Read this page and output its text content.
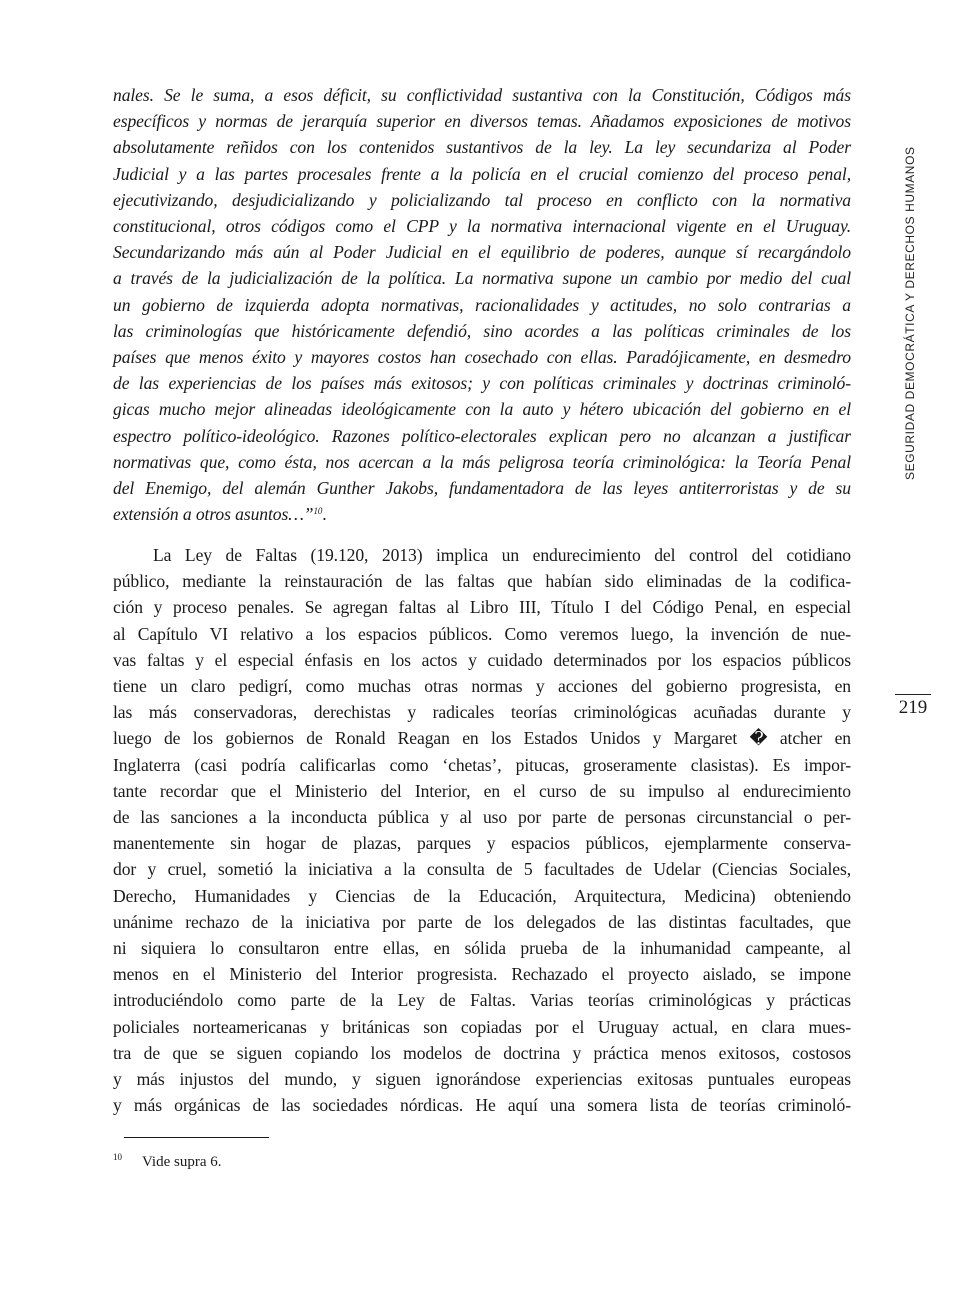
nales. Se le suma, a esos déficit, su conflictividad sustantiva con la Constitución, Códigos más
específicos y normas de jerarquía superior en diversos temas. Añadamos exposiciones de motivos
absolutamente reñidos con los contenidos sustantivos de la ley. La ley secundariza al Poder
Judicial y a las partes procesales frente a la policía en el crucial comienzo del proceso penal,
ejecutivizando, desjudicializando y policializando tal proceso en conflicto con la normativa
constitucional, otros códigos como el CPP y la normativa internacional vigente en el Uruguay.
Secundarizando más aún al Poder Judicial en el equilibrio de poderes, aunque sí recargándolo
a través de la judicialización de la política. La normativa supone un cambio por medio del cual
un gobierno de izquierda adopta normativas, racionalidades y actitudes, no solo contrarias a
las criminologías que históricamente defendió, sino acordes a las políticas criminales de los
países que menos éxito y mayores costos han cosechado con ellas. Paradójicamente, en desmedro
de las experiencias de los países más exitosos; y con políticas criminales y doctrinas criminoló-
gicas mucho mejor alineadas ideológicamente con la auto y hétero ubicación del gobierno en el
espectro político-ideológico. Razones político-electorales explican pero no alcanzan a justificar
normativas que, como ésta, nos acercan a la más peligrosa teoría criminológica: la Teoría Penal
del Enemigo, del alemán Gunther Jakobs, fundamentadora de las leyes antiterroristas y de su
extensión a otros asuntos…”$^{10}$.
La Ley de Faltas (19.120, 2013) implica un endurecimiento del control del cotidiano
público, mediante la reinstauración de las faltas que habían sido eliminadas de la codifica-
ción y proceso penales. Se agregan faltas al Libro III, Título I del Código Penal, en especial
al Capítulo VI relativo a los espacios públicos. Como veremos luego, la invención de nue-
vas faltas y el especial énfasis en los actos y cuidado determinados por los espacios públicos
tiene un claro pedigrí, como muchas otras normas y acciones del gobierno progresista, en
las más conservadoras, derechistas y radicales teorías criminológicas acuñadas durante y
luego de los gobiernos de Ronald Reagan en los Estados Unidos y Margaret � atcher en
Inglaterra (casi podría calificarlas como ‘chetas’, pitucas, groseramente clasistas). Es impor-
tante recordar que el Ministerio del Interior, en el curso de su impulso al endurecimiento
de las sanciones a la inconducta pública y al uso por parte de personas circunstancial o per-
manentemente sin hogar de plazas, parques y espacios públicos, ejemplarmente conserva-
dor y cruel, sometió la iniciativa a la consulta de 5 facultades de Udelar (Ciencias Sociales,
Derecho, Humanidades y Ciencias de la Educación, Arquitectura, Medicina) obteniendo
unánime rechazo de la iniciativa por parte de los delegados de las distintas facultades, que
ni siquiera lo consultaron entre ellas, en sólida prueba de la inhumanidad campeante, al
menos en el Ministerio del Interior progresista. Rechazado el proyecto aislado, se impone
introduciéndolo como parte de la Ley de Faltas. Varias teorías criminológicas y prácticas
policiales norteamericanas y británicas son copiadas por el Uruguay actual, en clara mues-
tra de que se siguen copiando los modelos de doctrina y práctica menos exitosos, costosos
y más injustos del mundo, y siguen ignorándose experiencias exitosas puntuales europeas
y más orgánicas de las sociedades nórdicas. He aquí una somera lista de teorías criminoló-
SEGURIDAD DEMOCRÁTICA Y DERECHOS HUMANOS
219
10 Vide supra 6.
